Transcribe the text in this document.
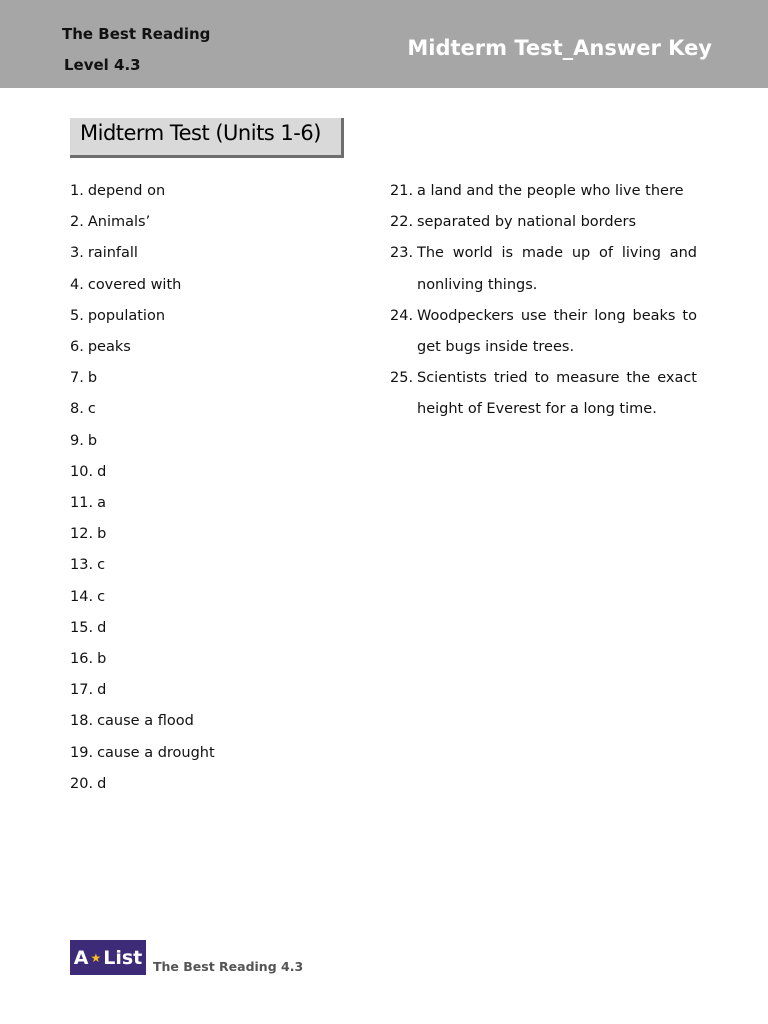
The Best Reading
Level 4.3
Midterm Test_Answer Key
Midterm Test (Units 1-6)
1. depend on
2. Animals’
3. rainfall
4. covered with
5. population
6. peaks
7. b
8. c
9. b
10. d
11. a
12. b
13. c
14. c
15. d
16. b
17. d
18. cause a flood
19. cause a drought
20. d
21. a land and the people who live there
22. separated by national borders
23. The world is made up of living and nonliving things.
24. Woodpeckers use their long beaks to get bugs inside trees.
25. Scientists tried to measure the exact height of Everest for a long time.
A ★ List The Best Reading 4.3
